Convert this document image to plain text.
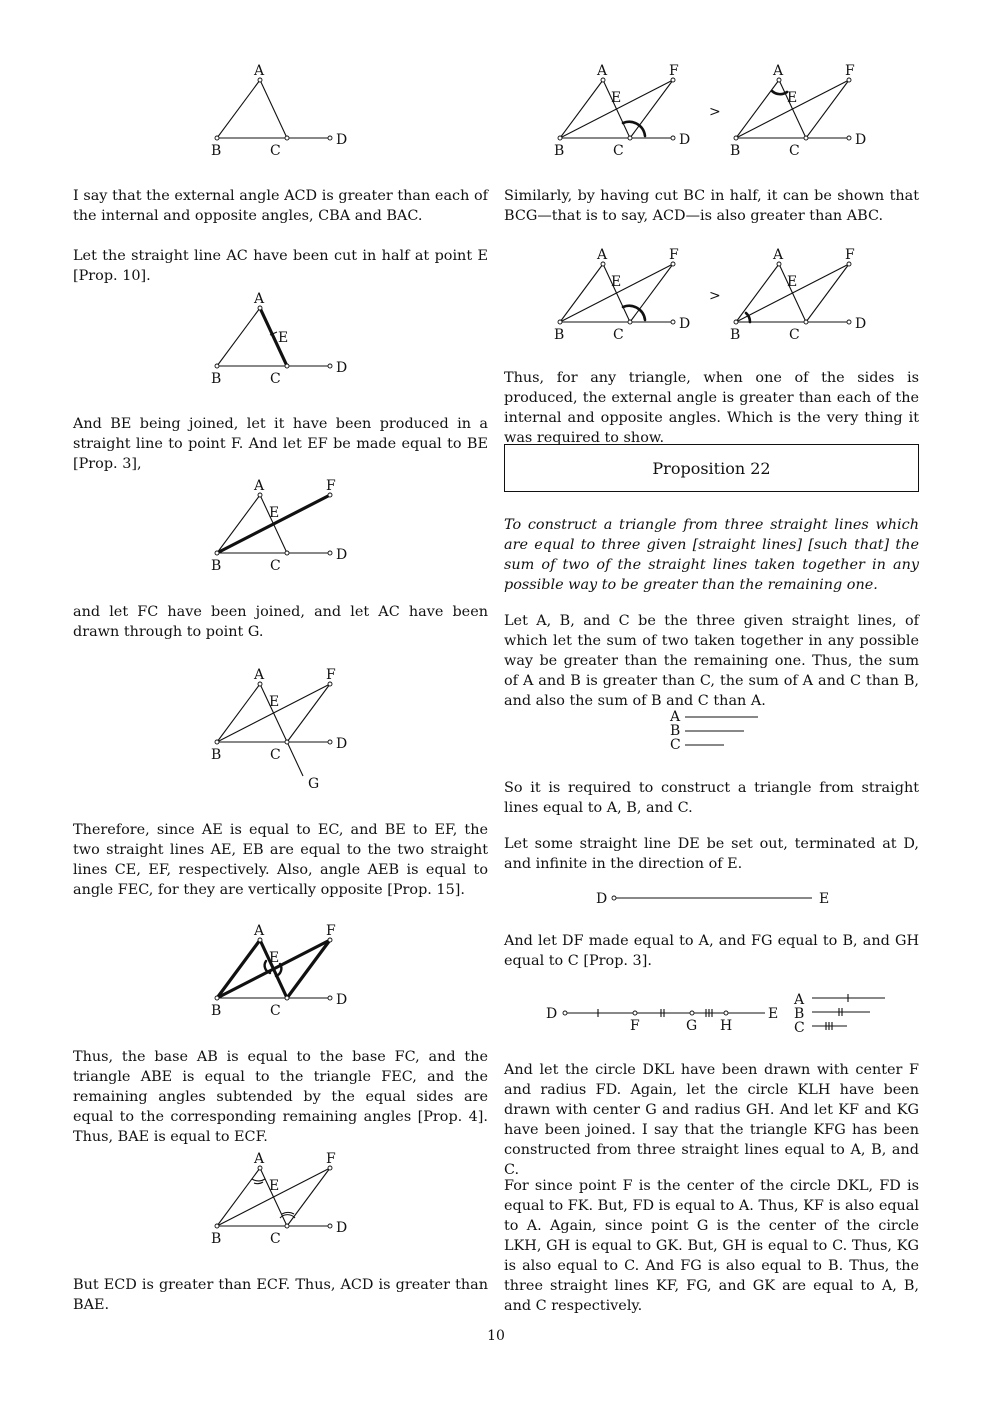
A
B	C
D

I say that the external angle ACD is greater than each of the internal and opposite angles, CBA and BAC.

Let the straight line AC have been cut in half at point E [Prop. 10].

A
E
B	C
D

And BE being joined, let it have been produced in a straight line to point F. And let EF be made equal to BE [Prop. 3],

A	F
E
B	C
D

and let FC have been joined, and let AC have been drawn through to point G.

A	F
E
B	C
D
G

Therefore, since AE is equal to EC, and BE to EF, the two straight lines AE, EB are equal to the two straight lines CE, EF, respectively. Also, angle AEB is equal to angle FEC, for they are vertically opposite [Prop. 15].

A	F
E
B	C
D

Thus, the base AB is equal to the base FC, and the triangle ABE is equal to the triangle FEC, and the remaining angles subtended by the equal sides are equal to the corresponding remaining angles [Prop. 4]. Thus, BAE is equal to ECF.

A	F
E
B	C
D

But ECD is greater than ECF. Thus, ACD is greater than BAE.

A	F
E
B	C
D
>
A	F
E
B	C
D

Similarly, by having cut BC in half, it can be shown that BCG—that is to say, ACD—is also greater than ABC.

A	F
E
B	C
D
>
A	F
E
B	C
D

Thus, for any triangle, when one of the sides is produced, the external angle is greater than each of the internal and opposite angles. Which is the very thing it was required to show.

Proposition 22

To construct a triangle from three straight lines which are equal to three given [straight lines] [such that] the sum of two of the straight lines taken together in any possible way to be greater than the remaining one.

Let A, B, and C be the three given straight lines, of which let the sum of two taken together in any possible way be greater than the remaining one. Thus, the sum of A and B is greater than C, the sum of A and C than B, and also the sum of B and C than A.

A
B
C

So it is required to construct a triangle from straight lines equal to A, B, and C.

Let some straight line DE be set out, terminated at D, and infinite in the direction of E.

D	E

And let DF made equal to A, and FG equal to B, and GH equal to C [Prop. 3].

D	E
F	G H
A
B
C

And let the circle DKL have been drawn with center F and radius FD. Again, let the circle KLH have been drawn with center G and radius GH. And let KF and KG have been joined. I say that the triangle KFG has been constructed from three straight lines equal to A, B, and C.

For since point F is the center of the circle DKL, FD is equal to FK. But, FD is equal to A. Thus, KF is also equal to A. Again, since point G is the center of the circle LKH, GH is equal to GK. But, GH is equal to C. Thus, KG is also equal to C. And FG is also equal to B. Thus, the three straight lines KF, FG, and GK are equal to A, B, and C respectively.

10
